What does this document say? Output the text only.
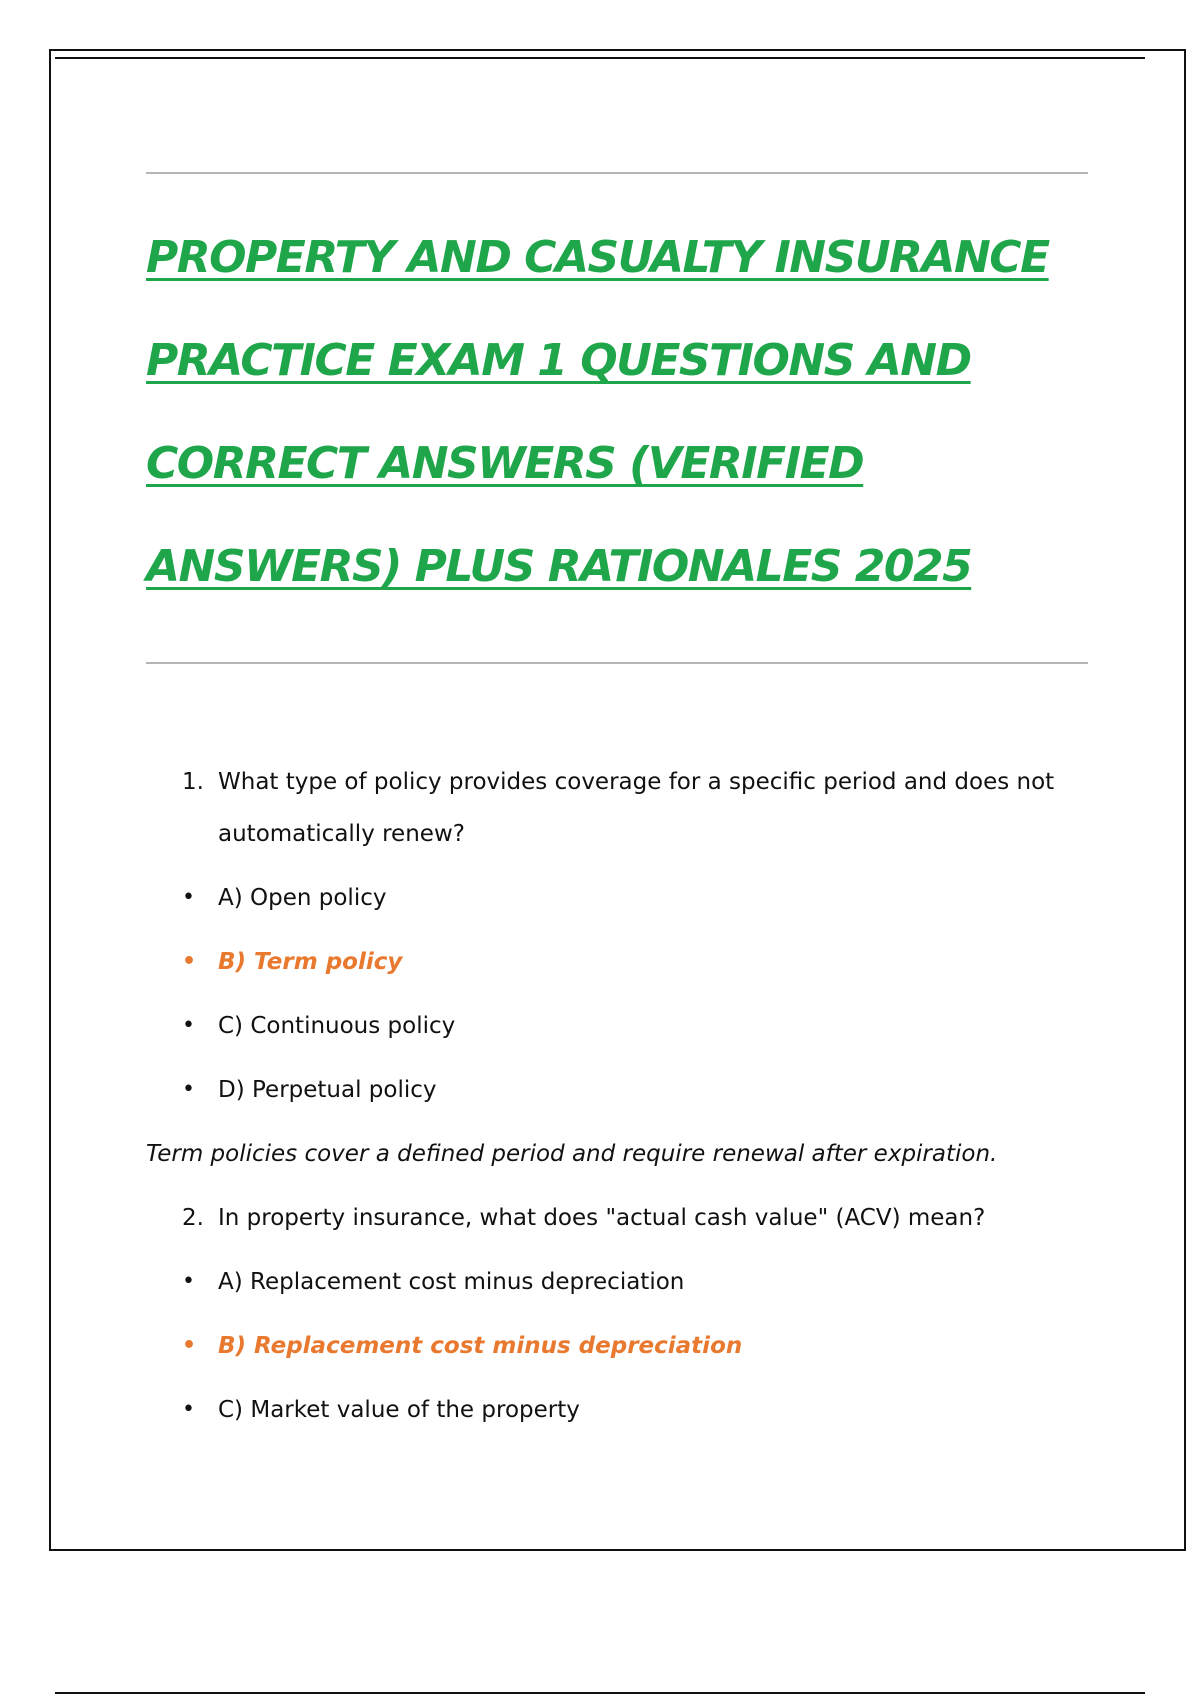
PROPERTY AND CASUALTY INSURANCE
PRACTICE EXAM 1 QUESTIONS AND
CORRECT ANSWERS (VERIFIED
ANSWERS) PLUS RATIONALES 2025

1. What type of policy provides coverage for a specific period and does not automatically renew?

• A) Open policy

• B) Term policy

• C) Continuous policy

• D) Perpetual policy

Term policies cover a defined period and require renewal after expiration.

2. In property insurance, what does "actual cash value" (ACV) mean?

• A) Replacement cost minus depreciation

• B) Replacement cost minus depreciation

• C) Market value of the property
